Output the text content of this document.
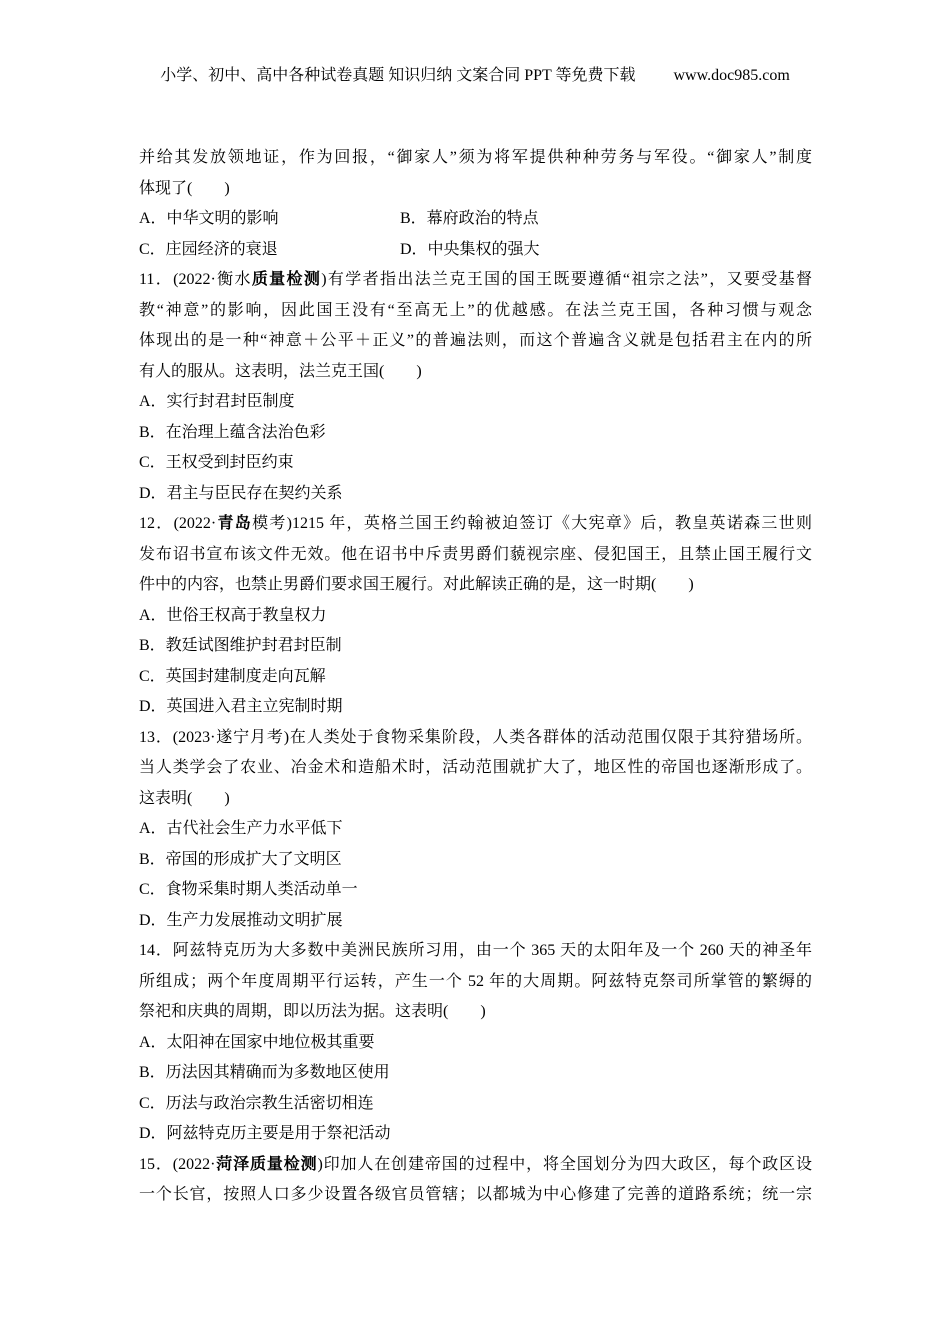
小学、初中、高中各种试卷真题 知识归纳 文案合同 PPT 等免费下载 www.doc985.com
并给其发放领地证，作为回报，“御家人”须为将军提供种种劳务与军役。“御家人”制度
体现了(　　)
A．中华文明的影响	B．幕府政治的特点
C．庄园经济的衰退	D．中央集权的强大
11．(2022·衡水质量检测)有学者指出法兰克王国的国王既要遵循“祖宗之法”，又要受基督
教“神意”的影响，因此国王没有“至高无上”的优越感。在法兰克王国，各种习惯与观念
体现出的是一种“神意＋公平＋正义”的普遍法则，而这个普遍含义就是包括君主在内的所
有人的服从。这表明，法兰克王国(　　)
A．实行封君封臣制度
B．在治理上蕴含法治色彩
C．王权受到封臣约束
D．君主与臣民存在契约关系
12．(2022·青岛模考)1215 年，英格兰国王约翰被迫签订《大宪章》后，教皇英诺森三世则
发布诏书宣布该文件无效。他在诏书中斥责男爵们藐视宗座、侵犯国王，且禁止国王履行文
件中的内容，也禁止男爵们要求国王履行。对此解读正确的是，这一时期(　　)
A．世俗王权高于教皇权力
B．教廷试图维护封君封臣制
C．英国封建制度走向瓦解
D．英国进入君主立宪制时期
13．(2023·遂宁月考)在人类处于食物采集阶段，人类各群体的活动范围仅限于其狩猎场所。
当人类学会了农业、冶金术和造船术时，活动范围就扩大了，地区性的帝国也逐渐形成了。
这表明(　　)
A．古代社会生产力水平低下
B．帝国的形成扩大了文明区
C．食物采集时期人类活动单一
D．生产力发展推动文明扩展
14．阿兹特克历为大多数中美洲民族所习用，由一个 365 天的太阳年及一个 260 天的神圣年
所组成；两个年度周期平行运转，产生一个 52 年的大周期。阿兹特克祭司所掌管的繁缛的
祭祀和庆典的周期，即以历法为据。这表明(　　)
A．太阳神在国家中地位极其重要
B．历法因其精确而为多数地区使用
C．历法与政治宗教生活密切相连
D．阿兹特克历主要是用于祭祀活动
15．(2022·菏泽质量检测)印加人在创建帝国的过程中，将全国划分为四大政区，每个政区设
一个长官，按照人口多少设置各级官员管辖；以都城为中心修建了完善的道路系统；统一宗
